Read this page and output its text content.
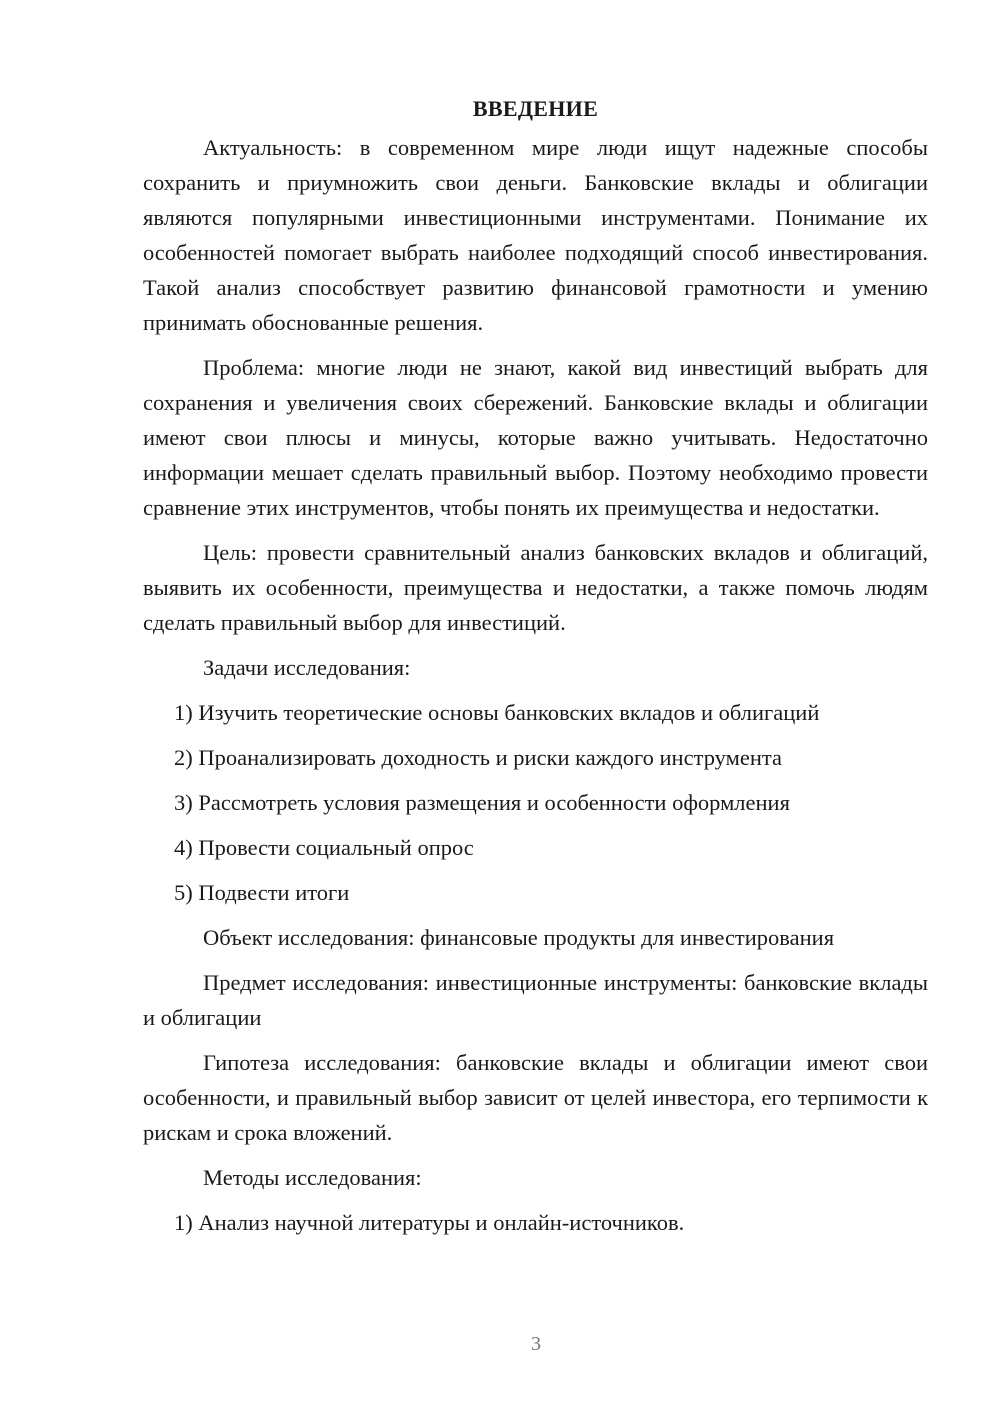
ВВЕДЕНИЕ

Актуальность: в современном мире люди ищут надежные способы сохранить и приумножить свои деньги. Банковские вклады и облигации являются популярными инвестиционными инструментами. Понимание их особенностей помогает выбрать наиболее подходящий способ инвестирования. Такой анализ способствует развитию финансовой грамотности и умению принимать обоснованные решения.

Проблема: многие люди не знают, какой вид инвестиций выбрать для сохранения и увеличения своих сбережений. Банковские вклады и облигации имеют свои плюсы и минусы, которые важно учитывать. Недостаточно информации мешает сделать правильный выбор. Поэтому необходимо провести сравнение этих инструментов, чтобы понять их преимущества и недостатки.

Цель: провести сравнительный анализ банковских вкладов и облигаций, выявить их особенности, преимущества и недостатки, а также помочь людям сделать правильный выбор для инвестиций.

Задачи исследования:
1) Изучить теоретические основы банковских вкладов и облигаций
2) Проанализировать доходность и риски каждого инструмента
3) Рассмотреть условия размещения и особенности оформления
4) Провести социальный опрос
5) Подвести итоги

Объект исследования: финансовые продукты для инвестирования

Предмет исследования: инвестиционные инструменты: банковские вклады и облигации

Гипотеза исследования: банковские вклады и облигации имеют свои особенности, и правильный выбор зависит от целей инвестора, его терпимости к рискам и срока вложений.

Методы исследования:
1) Анализ научной литературы и онлайн-источников.
3
